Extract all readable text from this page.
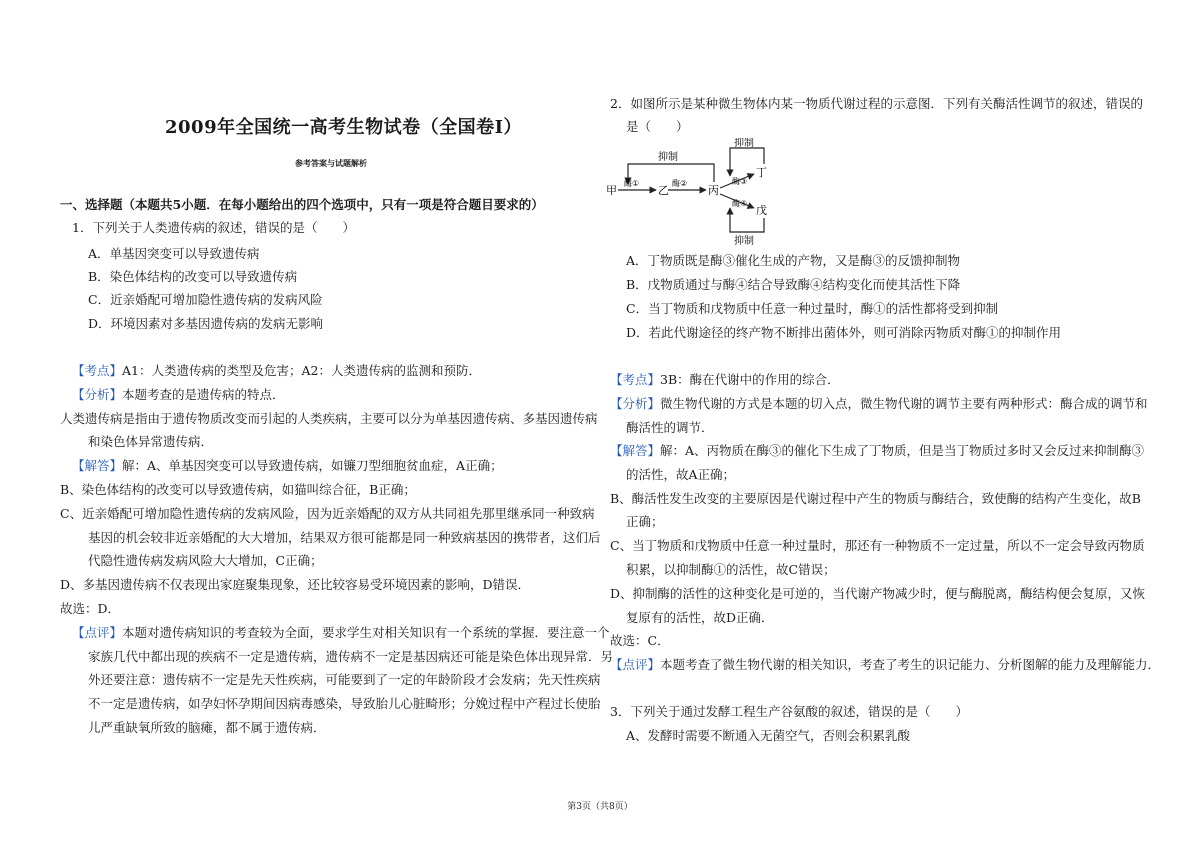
2009年全国统一高考生物试卷（全国卷Ⅰ）
参考答案与试题解析
一、选择题（本题共5小题．在每小题给出的四个选项中，只有一项是符合题目要求的）
1．下列关于人类遗传病的叙述，错误的是（　　）
A．单基因突变可以导致遗传病
B．染色体结构的改变可以导致遗传病
C．近亲婚配可增加隐性遗传病的发病风险
D．环境因素对多基因遗传病的发病无影响
【考点】A1：人类遗传病的类型及危害；A2：人类遗传病的监测和预防．
【分析】本题考查的是遗传病的特点．
人类遗传病是指由于遗传物质改变而引起的人类疾病，主要可以分为单基因遗传病、多基因遗传病
和染色体异常遗传病．
【解答】解：A、单基因突变可以导致遗传病，如镰刀型细胞贫血症，A正确；
B、染色体结构的改变可以导致遗传病，如猫叫综合征，B正确；
C、近亲婚配可增加隐性遗传病的发病风险，因为近亲婚配的双方从共同祖先那里继承同一种致病
基因的机会较非近亲婚配的大大增加，结果双方很可能都是同一种致病基因的携带者，这们后
代隐性遗传病发病风险大大增加，C正确；
D、多基因遗传病不仅表现出家庭聚集现象，还比较容易受环境因素的影响，D错误．
故选：D．
【点评】本题对遗传病知识的考查较为全面，要求学生对相关知识有一个系统的掌握．要注意一个
家族几代中都出现的疾病不一定是遗传病，遗传病不一定是基因病还可能是染色体出现异常．另
外还要注意：遗传病不一定是先天性疾病，可能要到了一定的年龄阶段才会发病；先天性疾病
不一定是遗传病，如孕妇怀孕期间因病毒感染，导致胎儿心脏畸形；分娩过程中产程过长使胎
儿严重缺氧所致的脑瘫，都不属于遗传病．
2．如图所示是某种微生物体内某一物质代谢过程的示意图．下列有关酶活性调节的叙述，错误的
是（　　）
甲	乙	丙
丁
戊
酶①	酶②	酶③
酶④
抑制
抑制
抑制
A．丁物质既是酶③催化生成的产物，又是酶③的反馈抑制物
B．戊物质通过与酶④结合导致酶④结构变化而使其活性下降
C．当丁物质和戊物质中任意一种过量时，酶①的活性都将受到抑制
D．若此代谢途径的终产物不断排出菌体外，则可消除丙物质对酶①的抑制作用
【考点】3B：酶在代谢中的作用的综合．
【分析】微生物代谢的方式是本题的切入点，微生物代谢的调节主要有两种形式：酶合成的调节和
酶活性的调节．
【解答】解：A、丙物质在酶③的催化下生成了丁物质，但是当丁物质过多时又会反过来抑制酶③
的活性，故A正确；
B、酶活性发生改变的主要原因是代谢过程中产生的物质与酶结合，致使酶的结构产生变化，故B
正确；
C、当丁物质和戊物质中任意一种过量时，那还有一种物质不一定过量，所以不一定会导致丙物质
积累，以抑制酶①的活性，故C错误；
D、抑制酶的活性的这种变化是可逆的，当代谢产物减少时，便与酶脱离，酶结构便会复原，又恢
复原有的活性，故D正确．
故选：C．
【点评】本题考查了微生物代谢的相关知识，考查了考生的识记能力、分析图解的能力及理解能力．
3．下列关于通过发酵工程生产谷氨酸的叙述，错误的是（　　）
A、发酵时需要不断通入无菌空气，否则会积累乳酸
第3页（共8页）
